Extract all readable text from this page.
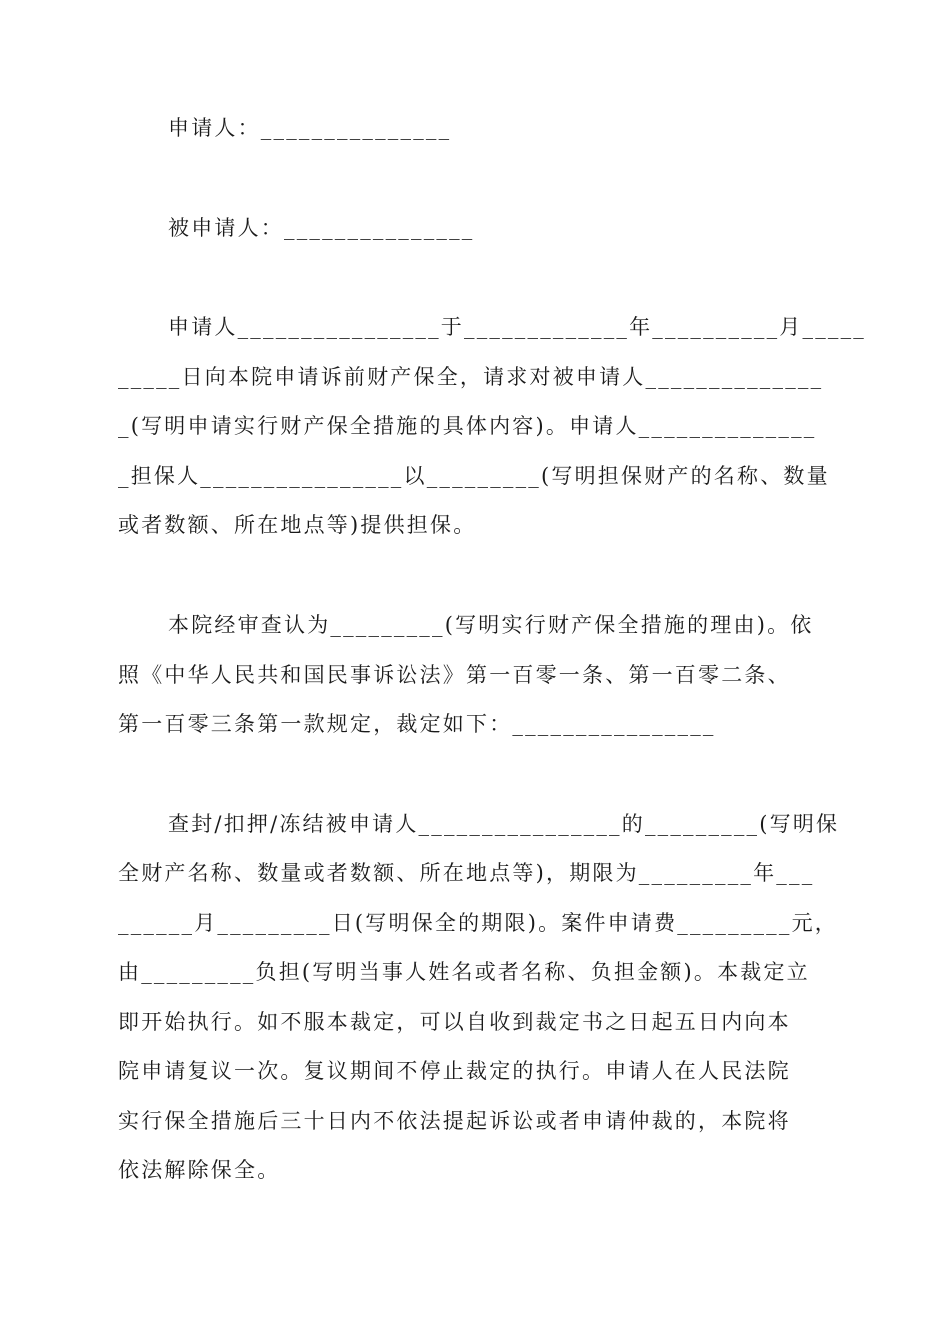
申请人：_______________
被申请人：_______________
申请人________________于_____________年__________月_____
_____日向本院申请诉前财产保全，请求对被申请人______________
_(写明申请实行财产保全措施的具体内容)。申请人______________
_担保人________________以_________(写明担保财产的名称、数量
或者数额、所在地点等)提供担保。
本院经审查认为_________(写明实行财产保全措施的理由)。依
照《中华人民共和国民事诉讼法》第一百零一条、第一百零二条、
第一百零三条第一款规定，裁定如下：________________
查封/扣押/冻结被申请人________________的_________(写明保
全财产名称、数量或者数额、所在地点等)，期限为_________年___
______月_________日(写明保全的期限)。案件申请费_________元，
由_________负担(写明当事人姓名或者名称、负担金额)。本裁定立
即开始执行。如不服本裁定，可以自收到裁定书之日起五日内向本
院申请复议一次。复议期间不停止裁定的执行。申请人在人民法院
实行保全措施后三十日内不依法提起诉讼或者申请仲裁的，本院将
依法解除保全。
